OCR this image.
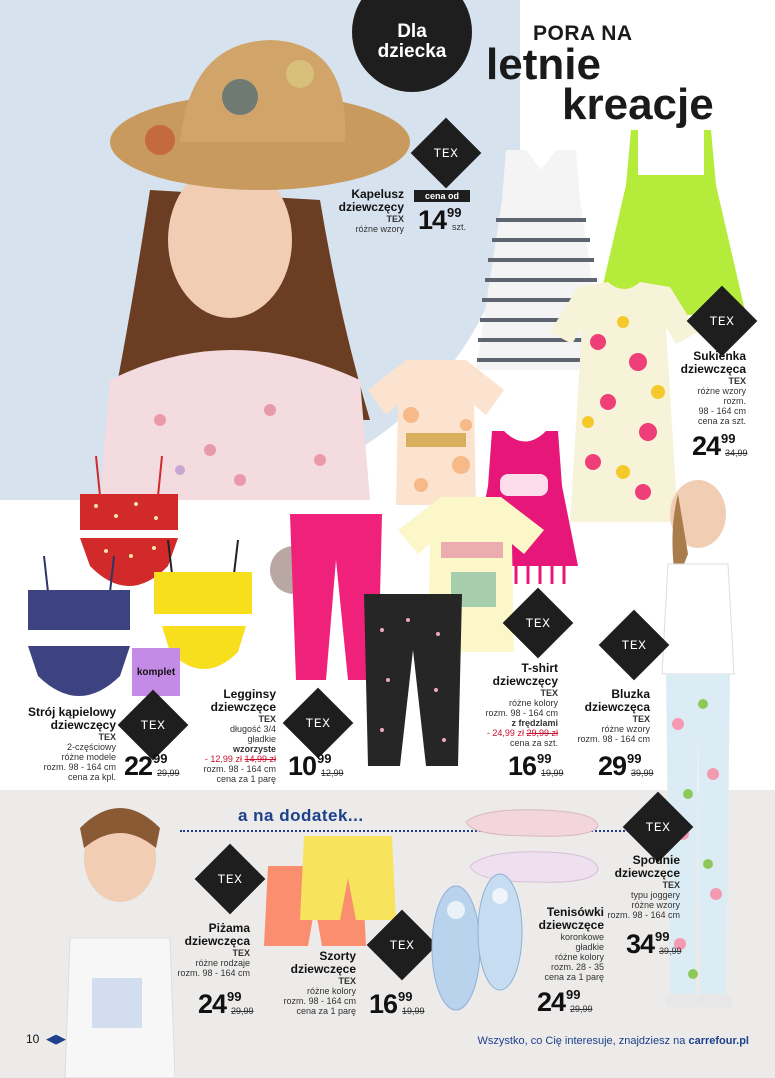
Dla
dziecka
PORA NA
letnie
kreacje
Kapelusz
dziewczęcy
TEX
różne wzory
cena od
1499
szt.
TEX
TEX
Sukienka
dziewczęca
TEX
różne wzory
rozm.
98 - 164 cm
cena za szt.
2499
34,99
TEX
T-shirt
dziewczęcy
TEX
różne kolory
rozm. 98 - 164 cm
z frędzlami
- 24,99 zł 29,99 zł
cena za szt.
1699
19,99
TEX
Bluzka
dziewczęca
TEX
różne wzory
rozm. 98 - 164 cm
2999
39,99
komplet
Strój kąpielowy
dziewczęcy
TEX
2-częściowy
różne modele
rozm. 98 - 164 cm
cena za kpl.
TEX
2299
29,99
Legginsy
dziewczęce
TEX
długość 3/4
gładkie
wzorzyste
- 12,99 zł 14,99 zł
rozm. 98 - 164 cm
cena za 1 parę
TEX
1099
12,99
a na dodatek...
TEX
Piżama
dziewczęca
TEX
różne rodzaje
rozm. 98 - 164 cm
2499
29,99
TEX
Szorty
dziewczęce
TEX
różne kolory
rozm. 98 - 164 cm
cena za 1 parę 1699
19,99
Tenisówki
dziewczęce
koronkowe
gładkie
różne kolory
rozm. 28 - 35
cena za 1 parę
2499
29,99
TEX
Spodnie
dziewczęce
TEX
typu joggery
różne wzory
rozm. 98 - 164 cm
3499
39,99
10 ◀▶	Wszystko, co Cię interesuje, znajdziesz na carrefour.pl
